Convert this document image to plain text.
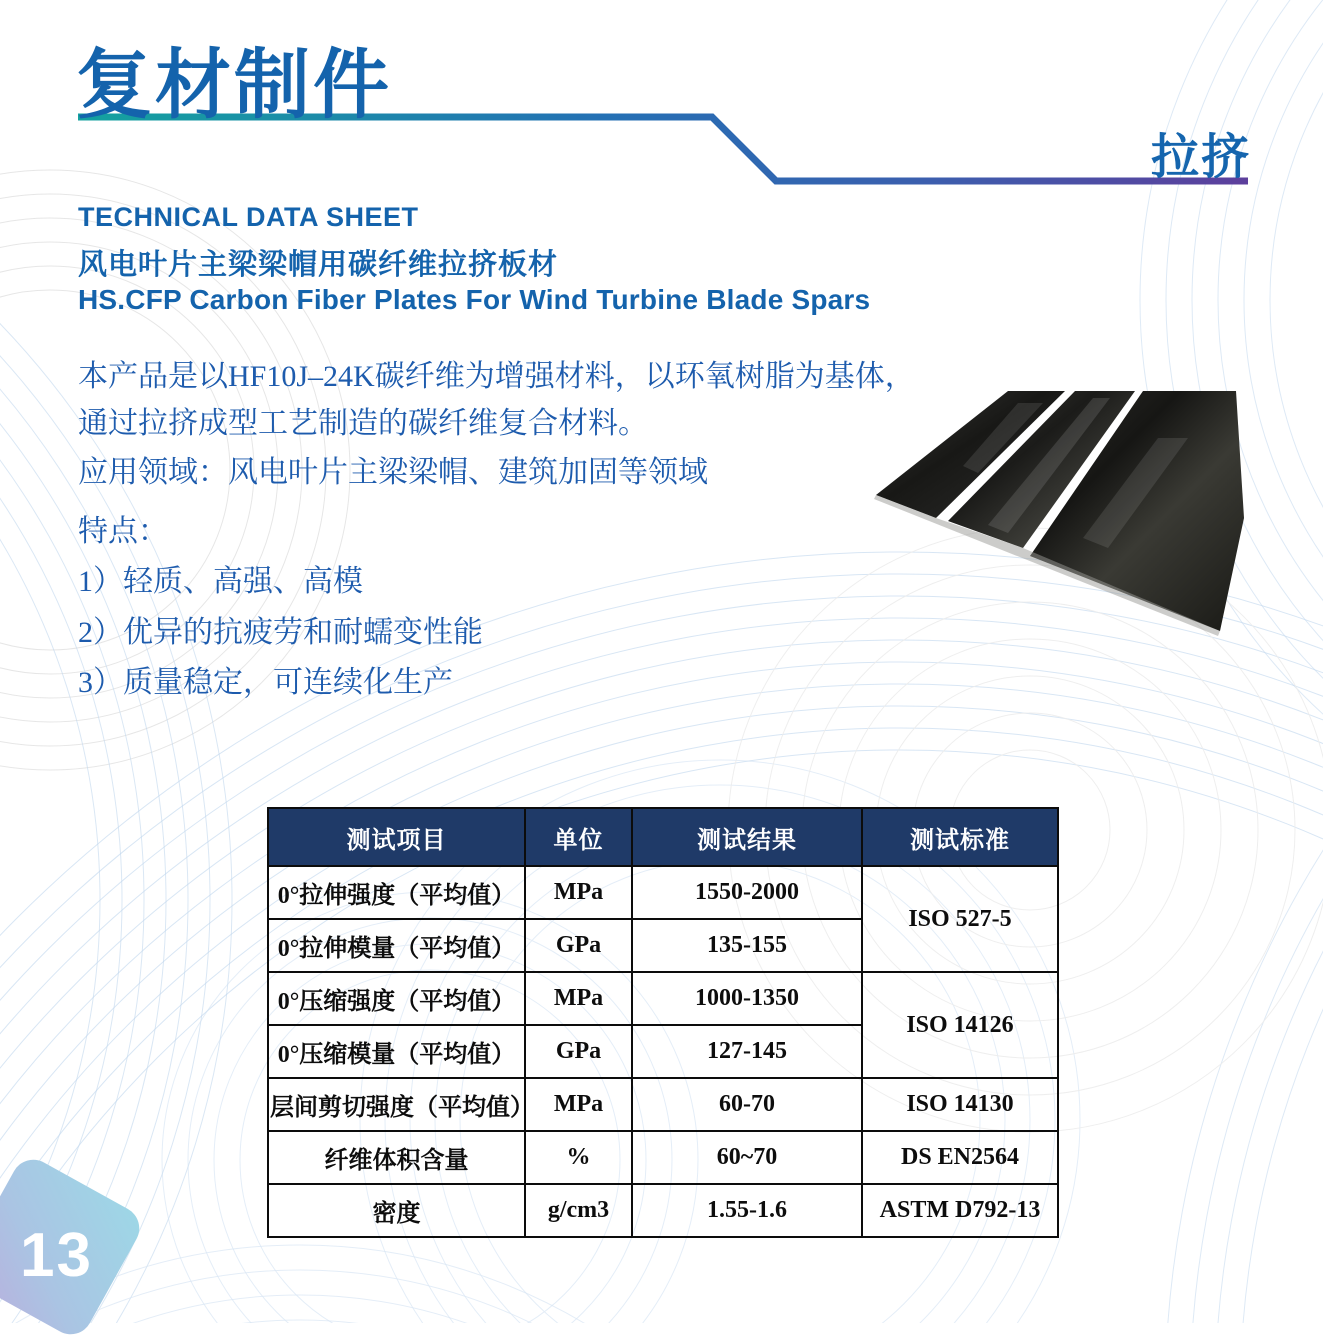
复材制件
拉挤
TECHNICAL DATA SHEET
风电叶片主梁梁帽用碳纤维拉挤板材
HS.CFP Carbon Fiber Plates For Wind Turbine Blade Spars
本产品是以HF10J–24K碳纤维为增强材料，以环氧树脂为基体，
通过拉挤成型工艺制造的碳纤维复合材料。
应用领域：风电叶片主梁梁帽、建筑加固等领域
特点：
1）轻质、高强、高模
2）优异的抗疲劳和耐蠕变性能
3）质量稳定，可连续化生产
测试项目	单位	测试结果	测试标准
0°拉伸强度（平均值）	MPa	1550-2000	ISO 527-5
0°拉伸模量（平均值）	GPa	135-155	
0°压缩强度（平均值）	MPa	1000-1350	ISO 14126
0°压缩模量（平均值）	GPa	127-145	
层间剪切强度（平均值）	MPa	60-70	ISO 14130
纤维体积含量	%	60~70	DS EN2564
密度	g/cm3	1.55-1.6	ASTM D792-13
13
